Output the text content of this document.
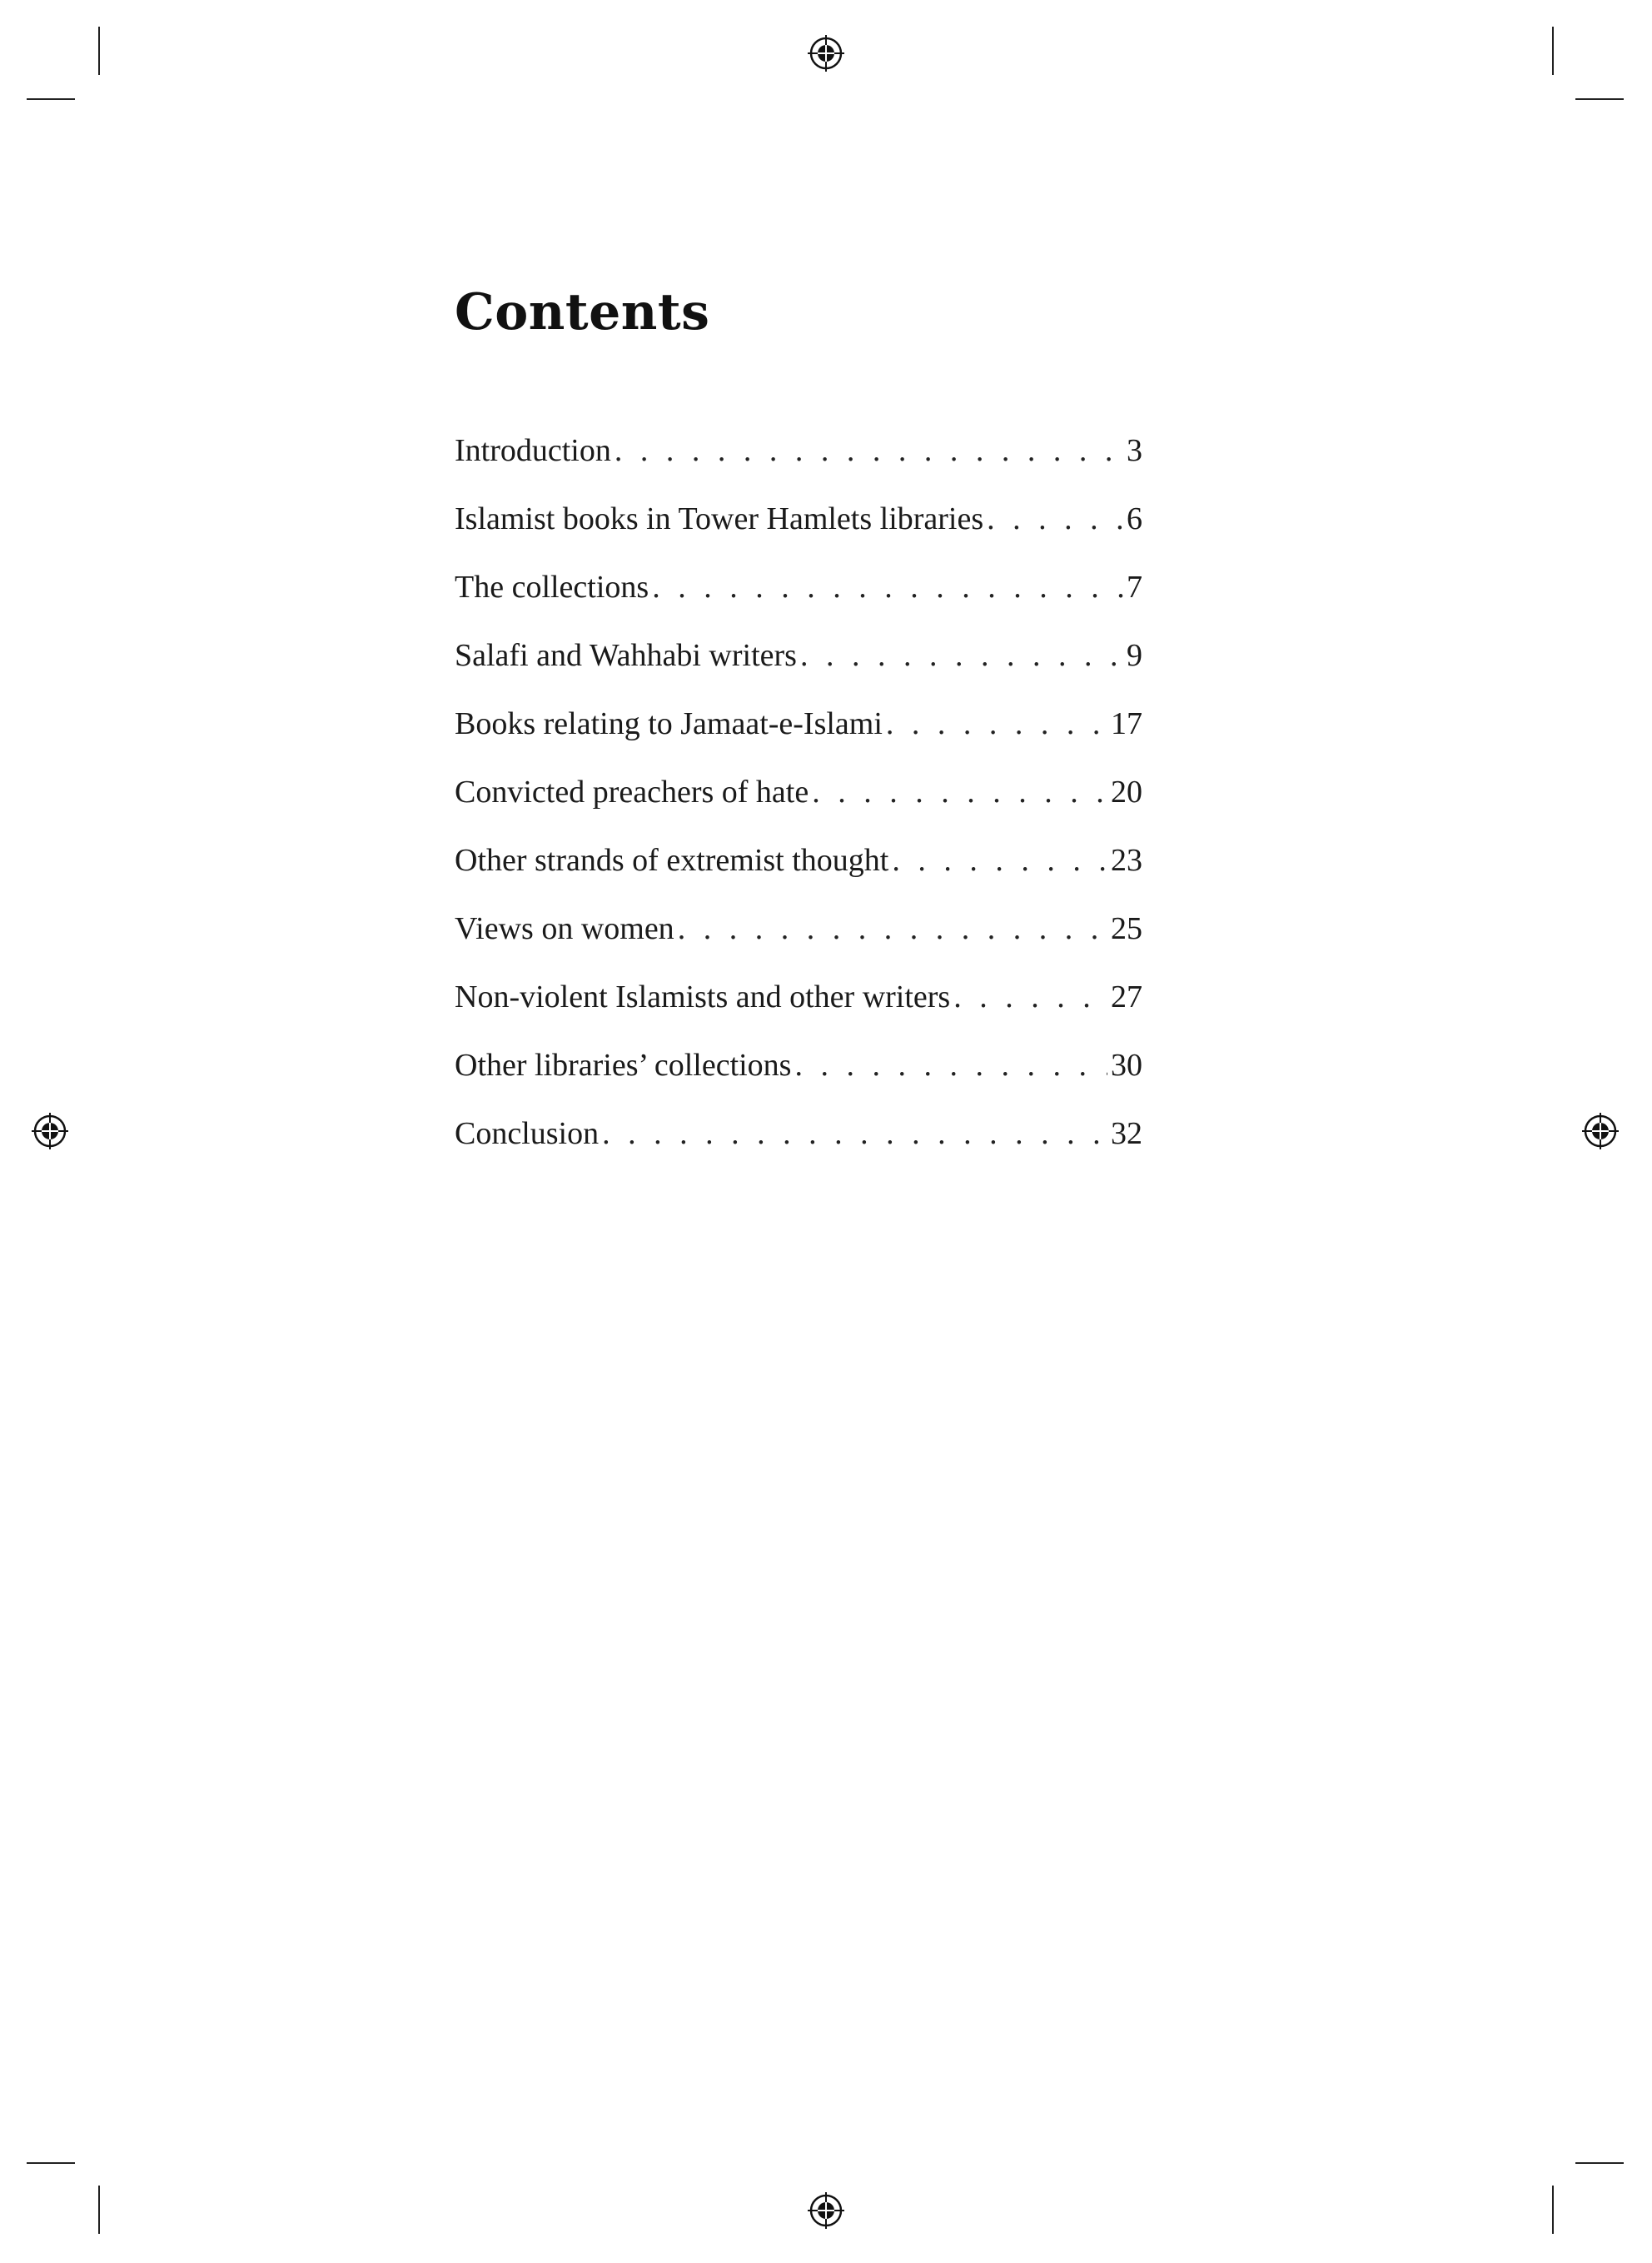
Contents
Introduction . . .	3
Islamist books in Tower Hamlets libraries . . .	6
The collections . . .	7
Salafi and Wahhabi writers . . .	9
Books relating to Jamaat-e-Islami . . .	17
Convicted preachers of hate . . .	20
Other strands of extremist thought . . .	23
Views on women . . .	25
Non-violent Islamists and other writers . . .	27
Other libraries’ collections . . .	30
Conclusion . . .	32
